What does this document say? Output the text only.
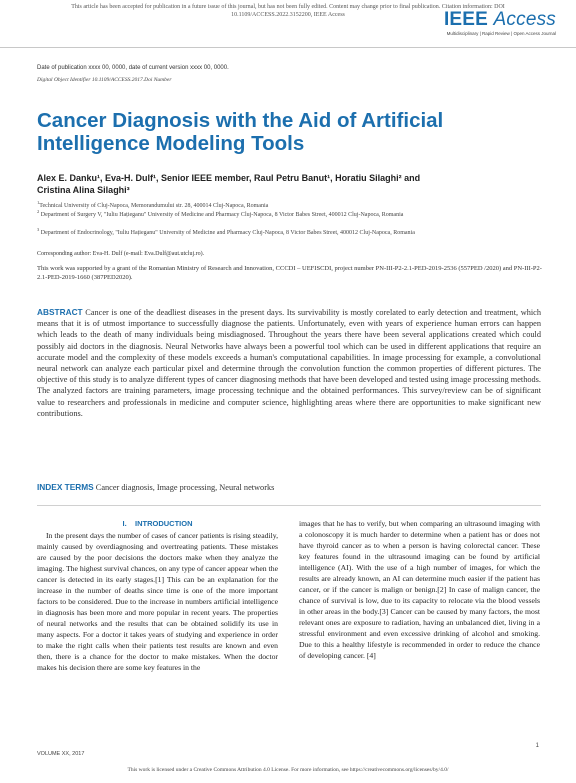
This article has been accepted for publication in a future issue of this journal, but has not been fully edited. Content may change prior to final publication. Citation information: DOI
10.1109/ACCESS.2022.3152200, IEEE Access	IEEE Access
Multidisciplinary | Rapid Review | Open Access Journal
Date of publication xxxx 00, 0000, date of current version xxxx 00, 0000.
Digital Object Identifier 10.1109/ACCESS.2017.Doi Number
Cancer Diagnosis with the Aid of Artificial Intelligence Modeling Tools
Alex E. Danku¹, Eva-H. Dulf¹, Senior IEEE member, Raul Petru Banut¹, Horatiu Silaghi² and
Cristina Alina Silaghi³
$^1$Technical University of Cluj-Napoca, Memorandumului str. 28, 400014 Cluj-Napoca, Romania
$^2$ Department of Surgery V, "Iuliu Hațieganu" University of Medicine and Pharmacy Cluj-Napoca, 8 Victor Babes Street, 400012 Cluj-Napoca, Romania
$^3$ Department of Endocrinology, "Iuliu Hațieganu" University of Medicine and Pharmacy Cluj-Napoca, 8 Victor Babes Street, 400012 Cluj-Napoca, Romania
Corresponding author: Eva-H. Dulf (e-mail: Eva.Dulf@aut.utcluj.ro).
This work was supported by a grant of the Romanian Ministry of Research and Innovation, CCCDI – UEFISCDI, project number PN-III-P2-2.1-PED-2019-2536 (557PED /2020) and PN-III-P2-2.1-PED-2019-1660 (387PED2020).
ABSTRACT Cancer is one of the deadliest diseases in the present days. Its survivability is mostly corelated to early detection and treatment, which means that it is of utmost importance to successfully diagnose the patients. Unfortunately, even with years of experience human errors can happen which leads to the death of many individuals being misdiagnosed. Throughout the years there have been several applications created which could possibly aid doctors in the diagnosis. Neural Networks have always been a powerful tool which can be used in different applications that require an accurate model and the complexity of these models exceeds a human's computational capabilities. In image processing for example, a convolutional neural network can analyze each particular pixel and determine through the convolution function the common properties of different pictures. The objective of this study is to analyze different types of cancer diagnosing methods that have been developed and tested using image processing methods. The analyzed factors are training parameters, image processing technique and the obtained performances. This survey/review can be of significant value to researchers and professionals in medicine and computer science, highlighting areas where there are opportunities to make significant new contributions.
INDEX TERMS Cancer diagnosis, Image processing, Neural networks
I. INTRODUCTION

In the present days the number of cases of cancer patients is rising steadily, mainly caused by overdiagnosing and overtreating patients. These mistakes are caused by the poor decisions the doctors make when they analyze the imaging. The highest survival chances, on any type of cancer appear when the cancer is detected in its early stages.[1] This can be an explanation for the increase in the number of deaths since time is one of the more important factors to be considered. Due to the increase in numbers artificial intelligence in diagnosis has been more and more popular in recent years. The properties of neural networks and the results that can be obtained solidify its use in many aspects. For a doctor it takes years of studying and experience in order to make the right calls when their patients test results are known and even then, there is a chance for the doctor to make mistakes. When the doctor makes his decision there are some key features in the

images that he has to verify, but when comparing an ultrasound imaging with a colonoscopy it is much harder to determine when a patient has or does not have thyroid cancer as to when a person is having colorectal cancer. These key features found in the ultrasound imaging can be found by artificial intelligence (AI). With the use of a high number of images, for which the results are already known, an AI can determine much easier if the patient has cancer, or if the cancer is malign or benign.[2] In case of malign cancer, the chance of survival is low, due to its capacity to relocate via the blood vessels in other areas in the body.[3] Cancer can be caused by many factors, the most relevant ones are exposure to radiation, having an unbalanced diet, living in a stressful environment and even excessive drinking of alcohol and smoking. Due to this a healthy lifestyle is recommended in order to reduce the chance of developing cancer. [4]

VOLUME XX, 2017
1
This work is licensed under a Creative Commons Attribution 4.0 License. For more information, see https://creativecommons.org/licenses/by/4.0/
